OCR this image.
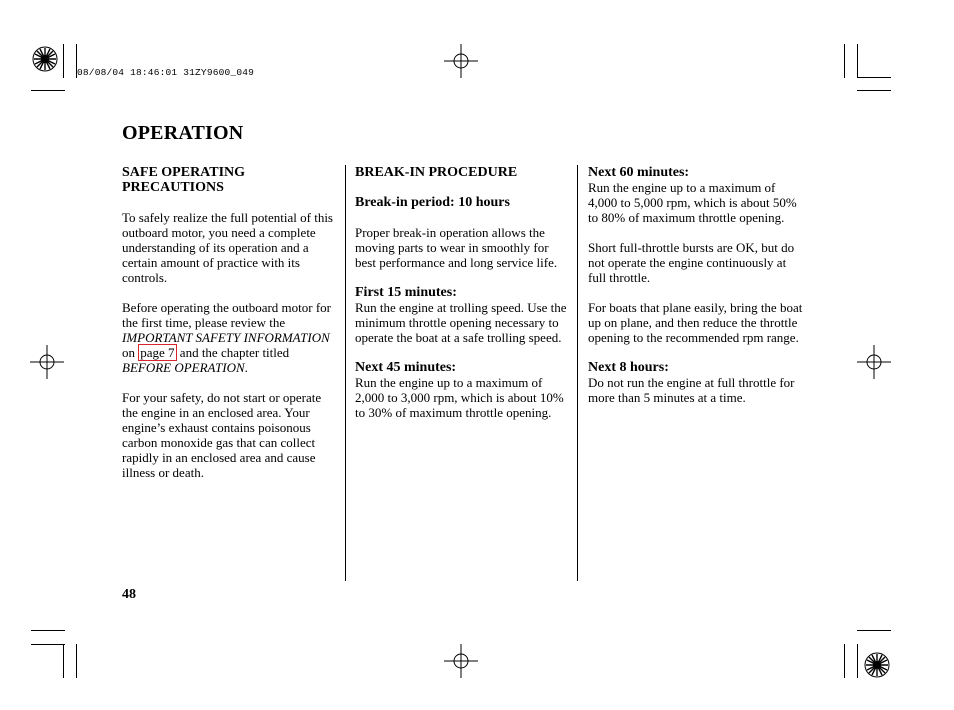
08/08/04 18:46:01 31ZY9600_049
OPERATION
SAFE OPERATING PRECAUTIONS

To safely realize the full potential of this outboard motor, you need a complete understanding of its operation and a certain amount of practice with its controls.

Before operating the outboard motor for the first time, please review the IMPORTANT SAFETY INFORMATION on page 7 and the chapter titled BEFORE OPERATION.

For your safety, do not start or operate the engine in an enclosed area. Your engine’s exhaust contains poisonous carbon monoxide gas that can collect rapidly in an enclosed area and cause illness or death.

BREAK-IN PROCEDURE
Break-in period: 10 hours

Proper break-in operation allows the moving parts to wear in smoothly for best performance and long service life.

First 15 minutes:

Run the engine at trolling speed. Use the minimum throttle opening necessary to operate the boat at a safe trolling speed.

Next 45 minutes:

Run the engine up to a maximum of 2,000 to 3,000 rpm, which is about 10% to 30% of maximum throttle opening.

Next 60 minutes:

Run the engine up to a maximum of 4,000 to 5,000 rpm, which is about 50% to 80% of maximum throttle opening.

Short full-throttle bursts are OK, but do not operate the engine continuously at full throttle.

For boats that plane easily, bring the boat up on plane, and then reduce the throttle opening to the recommended rpm range.

Next 8 hours:

Do not run the engine at full throttle for more than 5 minutes at a time.

48
